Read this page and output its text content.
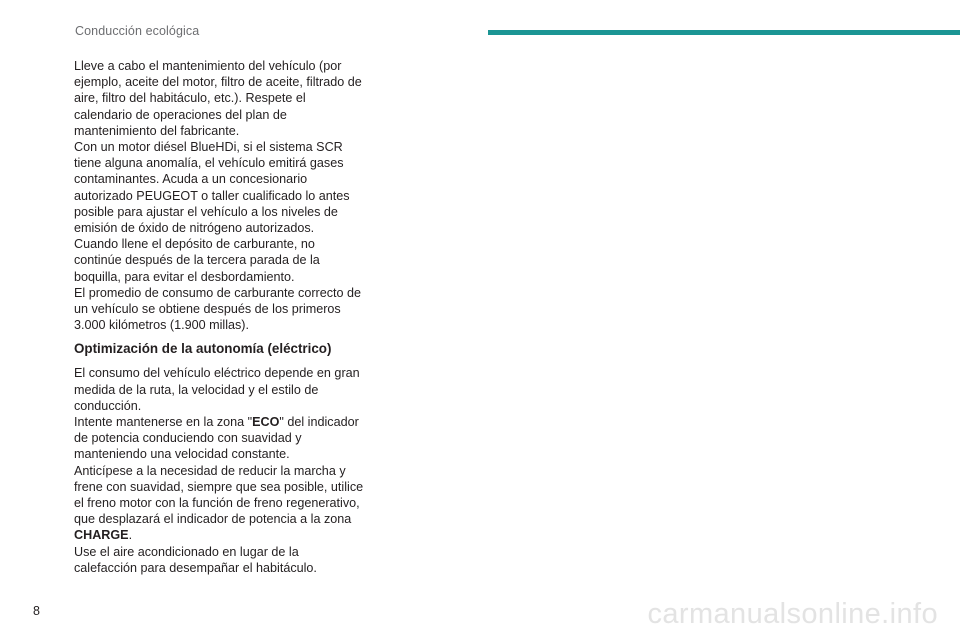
Conducción ecológica

Lleve a cabo el mantenimiento del vehículo (por ejemplo, aceite del motor, filtro de aceite, filtrado de aire, filtro del habitáculo, etc.). Respete el calendario de operaciones del plan de mantenimiento del fabricante.

Con un motor diésel BlueHDi, si el sistema SCR tiene alguna anomalía, el vehículo emitirá gases contaminantes. Acuda a un concesionario autorizado PEUGEOT o taller cualificado lo antes posible para ajustar el vehículo a los niveles de emisión de óxido de nitrógeno autorizados.

Cuando llene el depósito de carburante, no continúe después de la tercera parada de la boquilla, para evitar el desbordamiento.

El promedio de consumo de carburante correcto de un vehículo se obtiene después de los primeros 3.000 kilómetros (1.900 millas).

Optimización de la autonomía (eléctrico)

El consumo del vehículo eléctrico depende en gran medida de la ruta, la velocidad y el estilo de conducción.

Intente mantenerse en la zona "ECO" del indicador de potencia conduciendo con suavidad y manteniendo una velocidad constante.

Anticípese a la necesidad de reducir la marcha y frene con suavidad, siempre que sea posible, utilice el freno motor con la función de freno regenerativo, que desplazará el indicador de potencia a la zona CHARGE.

Use el aire acondicionado en lugar de la calefacción para desempañar el habitáculo.

8	carmanualsonline.info
